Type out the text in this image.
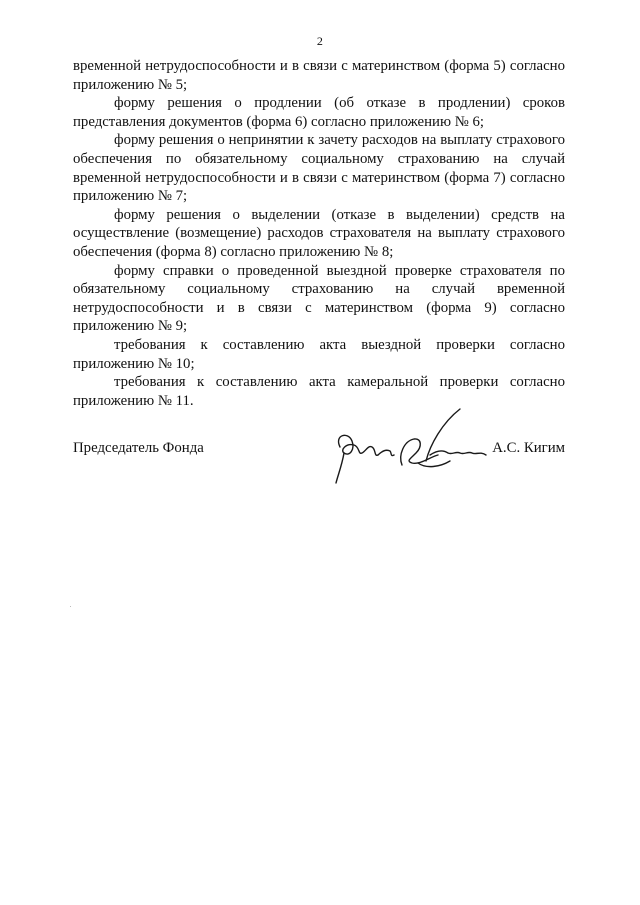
2

временной нетрудоспособности и в связи с материнством (форма 5) согласно приложению № 5;

форму решения о продлении (об отказе в продлении) сроков представления документов (форма 6) согласно приложению № 6;

форму решения о непринятии к зачету расходов на выплату страхового обеспечения по обязательному социальному страхованию на случай временной нетрудоспособности и в связи с материнством (форма 7) согласно приложению № 7;

форму решения о выделении (отказе в выделении) средств на осуществление (возмещение) расходов страхователя на выплату страхового обеспечения (форма 8) согласно приложению № 8;

форму справки о проведенной выездной проверке страхователя по обязательному социальному страхованию на случай временной нетрудоспособности и в связи с материнством (форма 9) согласно приложению № 9;

требования к составлению акта выездной проверки согласно приложению № 10;

требования к составлению акта камеральной проверки согласно приложению № 11.

Председатель Фонда	А.С. Кигим
